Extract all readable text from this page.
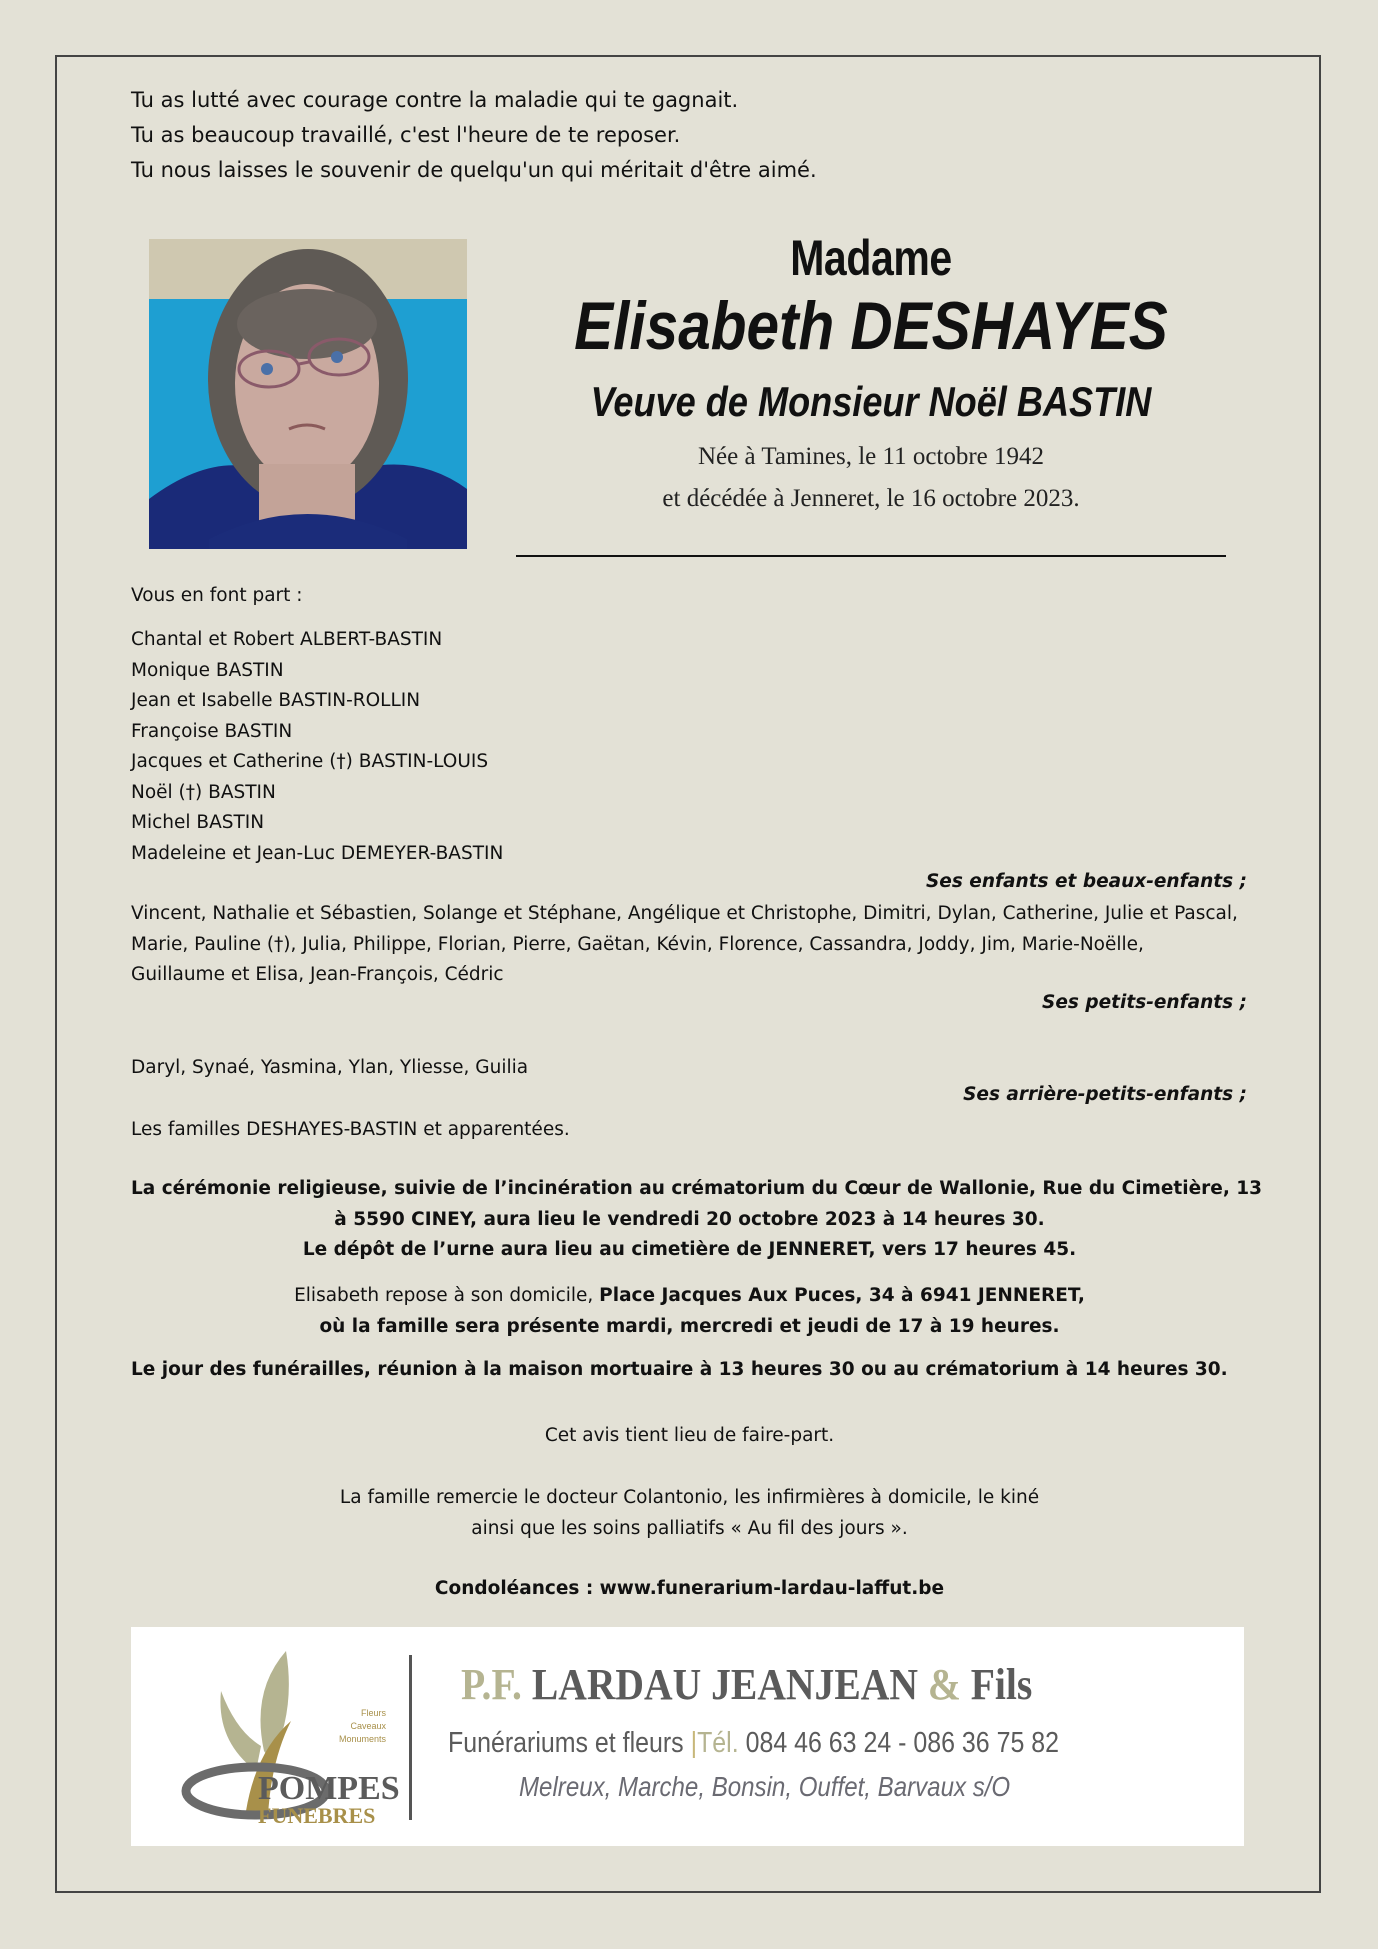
Tu as lutté avec courage contre la maladie qui te gagnait.
Tu as beaucoup travaillé, c'est l'heure de te reposer.
Tu nous laisses le souvenir de quelqu'un qui méritait d'être aimé.
Madame
Elisabeth DESHAYES
Veuve de Monsieur Noël BASTIN
Née à Tamines, le 11 octobre 1942
et décédée à Jenneret, le 16 octobre 2023.
Vous en font part :
Chantal et Robert ALBERT-BASTIN
Monique BASTIN
Jean et Isabelle BASTIN-ROLLIN
Françoise BASTIN
Jacques et Catherine (†) BASTIN-LOUIS
Noël (†) BASTIN
Michel BASTIN
Madeleine et Jean-Luc DEMEYER-BASTIN
Ses enfants et beaux-enfants ;
Vincent, Nathalie et Sébastien, Solange et Stéphane, Angélique et Christophe, Dimitri, Dylan, Catherine, Julie et Pascal,
Marie, Pauline (†), Julia, Philippe, Florian, Pierre, Gaëtan, Kévin, Florence, Cassandra, Joddy, Jim, Marie-Noëlle,
Guillaume et Elisa, Jean-François, Cédric
Ses petits-enfants ;
Daryl, Synaé, Yasmina, Ylan, Yliesse, Guilia
Ses arrière-petits-enfants ;
Les familles DESHAYES-BASTIN et apparentées.
La cérémonie religieuse, suivie de l’incinération au crématorium du Cœur de Wallonie, Rue du Cimetière, 13
à 5590 CINEY, aura lieu le vendredi 20 octobre 2023 à 14 heures 30.
Le dépôt de l’urne aura lieu au cimetière de JENNERET, vers 17 heures 45.
Elisabeth repose à son domicile, Place Jacques Aux Puces, 34 à 6941 JENNERET,
où la famille sera présente mardi, mercredi et jeudi de 17 à 19 heures.
Le jour des funérailles, réunion à la maison mortuaire à 13 heures 30 ou au crématorium à 14 heures 30.
Cet avis tient lieu de faire-part.
La famille remercie le docteur Colantonio, les infirmières à domicile, le kiné
ainsi que les soins palliatifs « Au fil des jours ».
Condoléances : www.funerarium-lardau-laffut.be
POMPES
FUNEBRES
Fleurs
Caveaux
Monuments
P.F. LARDAU JEANJEAN & Fils
Funérariums et fleurs |Tél. 084 46 63 24 - 086 36 75 82
Melreux, Marche, Bonsin, Ouffet, Barvaux s/O
